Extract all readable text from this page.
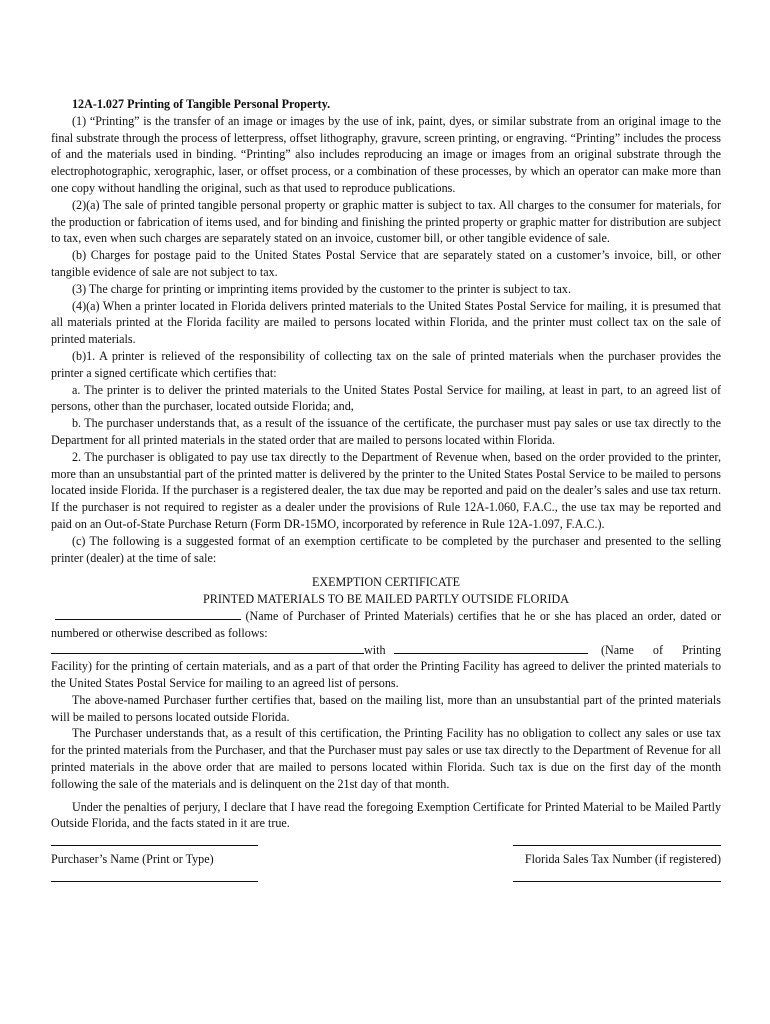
12A-1.027 Printing of Tangible Personal Property.

(1) “Printing” is the transfer of an image or images by the use of ink, paint, dyes, or similar substrate from an original image to the final substrate through the process of letterpress, offset lithography, gravure, screen printing, or engraving. “Printing” includes the process of and the materials used in binding. “Printing” also includes reproducing an image or images from an original substrate through the electrophotographic, xerographic, laser, or offset process, or a combination of these processes, by which an operator can make more than one copy without handling the original, such as that used to reproduce publications.

(2)(a) The sale of printed tangible personal property or graphic matter is subject to tax. All charges to the consumer for materials, for the production or fabrication of items used, and for binding and finishing the printed property or graphic matter for distribution are subject to tax, even when such charges are separately stated on an invoice, customer bill, or other tangible evidence of sale.

(b) Charges for postage paid to the United States Postal Service that are separately stated on a customer’s invoice, bill, or other tangible evidence of sale are not subject to tax.

(3) The charge for printing or imprinting items provided by the customer to the printer is subject to tax.

(4)(a) When a printer located in Florida delivers printed materials to the United States Postal Service for mailing, it is presumed that all materials printed at the Florida facility are mailed to persons located within Florida, and the printer must collect tax on the sale of printed materials.

(b)1. A printer is relieved of the responsibility of collecting tax on the sale of printed materials when the purchaser provides the printer a signed certificate which certifies that:

a. The printer is to deliver the printed materials to the United States Postal Service for mailing, at least in part, to an agreed list of persons, other than the purchaser, located outside Florida; and,

b. The purchaser understands that, as a result of the issuance of the certificate, the purchaser must pay sales or use tax directly to the Department for all printed materials in the stated order that are mailed to persons located within Florida.

2. The purchaser is obligated to pay use tax directly to the Department of Revenue when, based on the order provided to the printer, more than an unsubstantial part of the printed matter is delivered by the printer to the United States Postal Service to be mailed to persons located inside Florida. If the purchaser is a registered dealer, the tax due may be reported and paid on the dealer’s sales and use tax return. If the purchaser is not required to register as a dealer under the provisions of Rule 12A-1.060, F.A.C., the use tax may be reported and paid on an Out-of-State Purchase Return (Form DR-15MO, incorporated by reference in Rule 12A-1.097, F.A.C.).

(c) The following is a suggested format of an exemption certificate to be completed by the purchaser and presented to the selling printer (dealer) at the time of sale:

EXEMPTION CERTIFICATE

PRINTED MATERIALS TO BE MAILED PARTLY OUTSIDE FLORIDA

(Name of Purchaser of Printed Materials) certifies that he or she has placed an order, dated or numbered or otherwise described as follows:

with	(Name of Printing

Facility) for the printing of certain materials, and as a part of that order the Printing Facility has agreed to deliver the printed materials to the United States Postal Service for mailing to an agreed list of persons.

The above-named Purchaser further certifies that, based on the mailing list, more than an unsubstantial part of the printed materials will be mailed to persons located outside Florida.

The Purchaser understands that, as a result of this certification, the Printing Facility has no obligation to collect any sales or use tax for the printed materials from the Purchaser, and that the Purchaser must pay sales or use tax directly to the Department of Revenue for all printed materials in the above order that are mailed to persons located within Florida. Such tax is due on the first day of the month following the sale of the materials and is delinquent on the 21st day of that month.

Under the penalties of perjury, I declare that I have read the foregoing Exemption Certificate for Printed Material to be Mailed Partly Outside Florida, and the facts stated in it are true.

Purchaser’s Name (Print or Type)	Florida Sales Tax Number (if registered)
